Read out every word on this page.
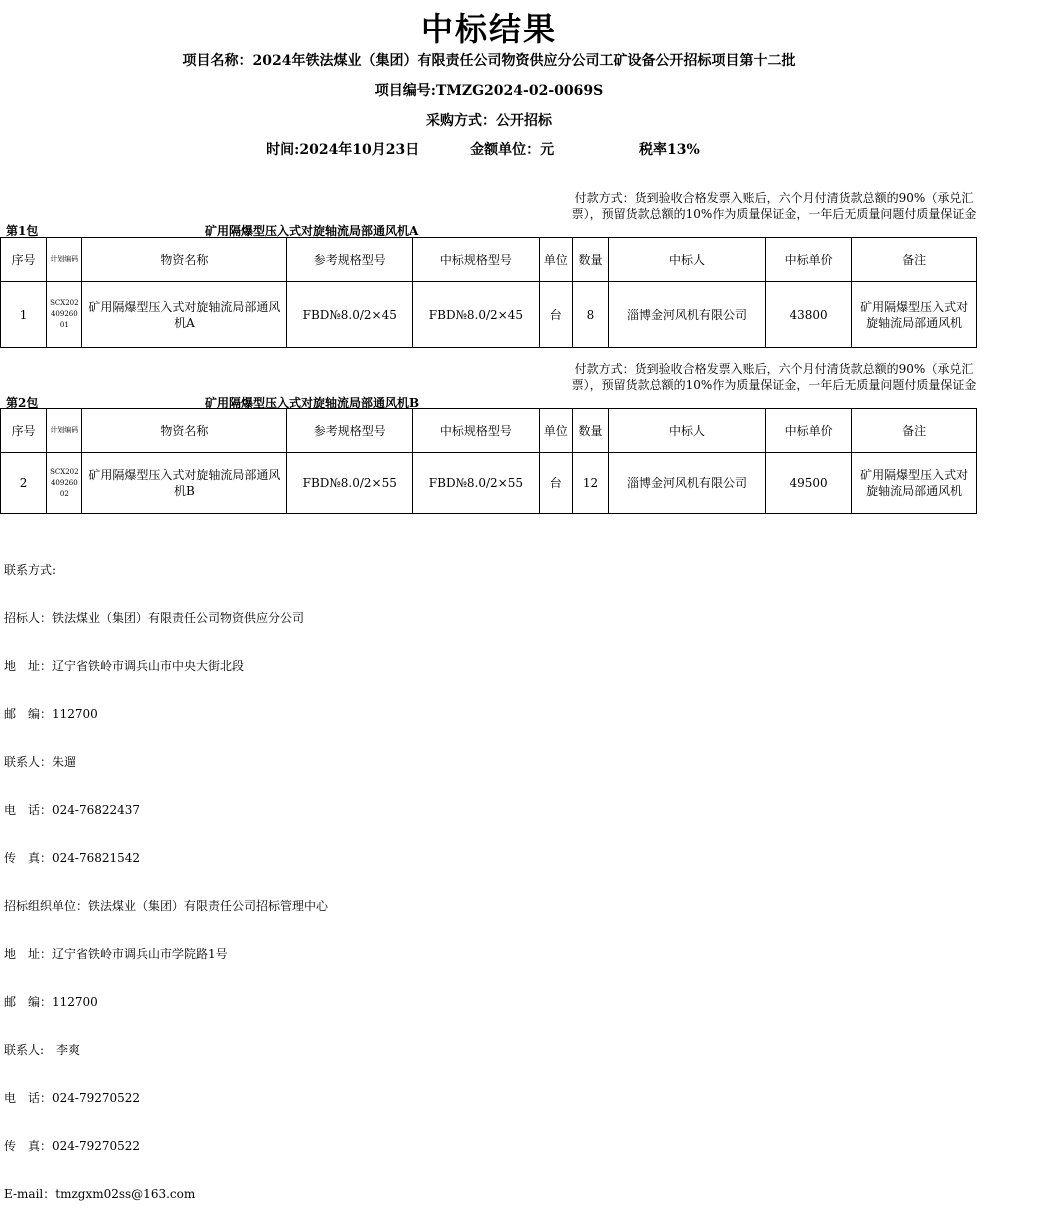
中标结果
项目名称：2024年铁法煤业（集团）有限责任公司物资供应分公司工矿设备公开招标项目第十二批
项目编号:TMZG2024-02-0069S
采购方式：公开招标
时间:2024年10月23日	金额单位：元	税率13%
付款方式：货到验收合格发票入账后，六个月付清货款总额的90%（承兑汇票），预留货款总额的10%作为质量保证金，一年后无质量问题付质量保证金
第1包	矿用隔爆型压入式对旋轴流局部通风机A
序号	计划编码	物资名称	参考规格型号	中标规格型号	单位	数量	中标人	中标单价	备注
1	SCX202409260 01	矿用隔爆型压入式对旋轴流局部通风机A	FBD№8.0/2×45	FBD№8.0/2×45	台	8	淄博金河风机有限公司	43800	矿用隔爆型压入式对旋轴流局部通风机
付款方式：货到验收合格发票入账后，六个月付清货款总额的90%（承兑汇票），预留货款总额的10%作为质量保证金，一年后无质量问题付质量保证金
第2包	矿用隔爆型压入式对旋轴流局部通风机B
序号	计划编码	物资名称	参考规格型号	中标规格型号	单位	数量	中标人	中标单价	备注
2	SCX20240926002	矿用隔爆型压入式对旋轴流局部通风机B	FBD№8.0/2×55	FBD№8.0/2×55	台	12	淄博金河风机有限公司	49500	矿用隔爆型压入式对旋轴流局部通风机

联系方式:

招标人：铁法煤业（集团）有限责任公司物资供应分公司

地　址：辽宁省铁岭市调兵山市中央大街北段

邮　编：112700

联系人：朱遛

电　话：024-76822437

传　真：024-76821542

招标组织单位：铁法煤业（集团）有限责任公司招标管理中心

地　址：辽宁省铁岭市调兵山市学院路1号

邮　编：112700

联系人:　李爽

电　话：024-79270522

传　真：024-79270522

E-mail：tmzgxm02ss@163.com
